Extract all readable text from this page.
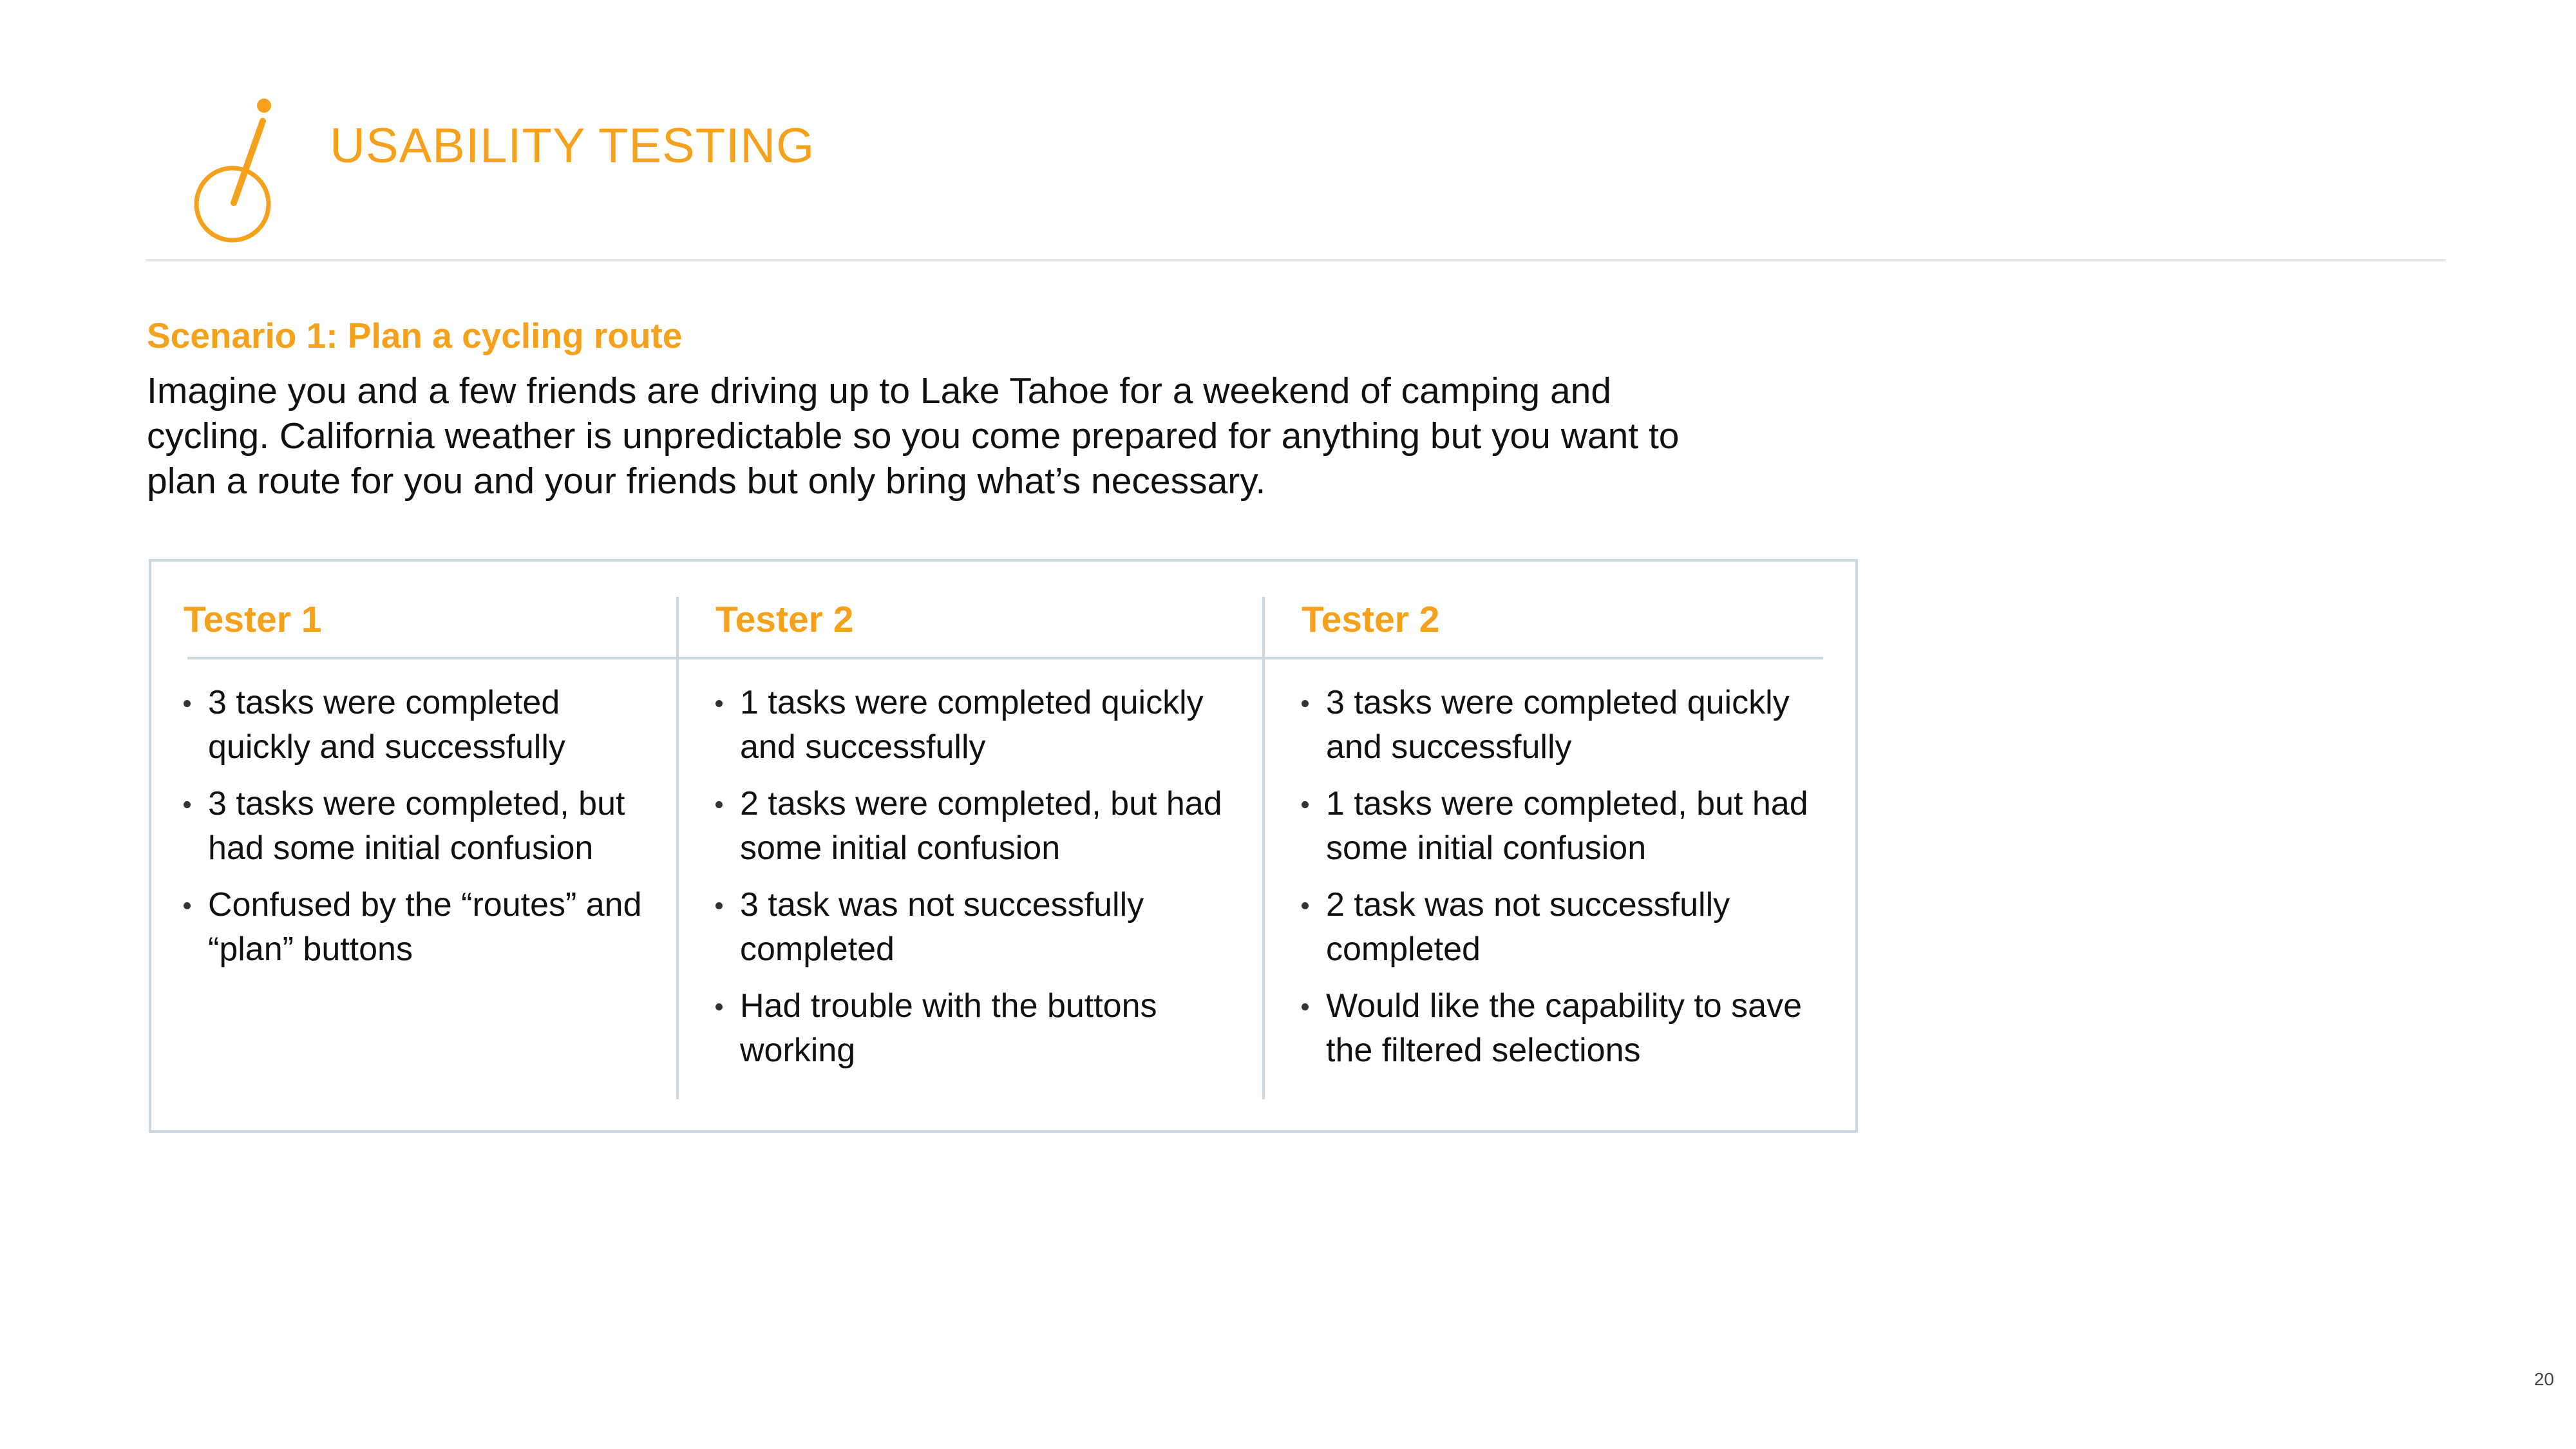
USABILITY TESTING
Scenario 1: Plan a cycling route

Imagine you and a few friends are driving up to Lake Tahoe for a weekend of camping and cycling. California weather is unpredictable so you come prepared for anything but you want to plan a route for you and your friends but only bring what’s necessary.

Tester 1
3 tasks were completed quickly and successfully
3 tasks were completed, but had some initial confusion
Confused by the “routes” and “plan” buttons
Tester 2
1 tasks were completed quickly and successfully
2 tasks were completed, but had some initial confusion
3 task was not successfully completed
Had trouble with the buttons working
Tester 2
3 tasks were completed quickly and successfully
1 tasks were completed, but had some initial confusion
2 task was not successfully completed
Would like the capability to save the filtered selections
20
